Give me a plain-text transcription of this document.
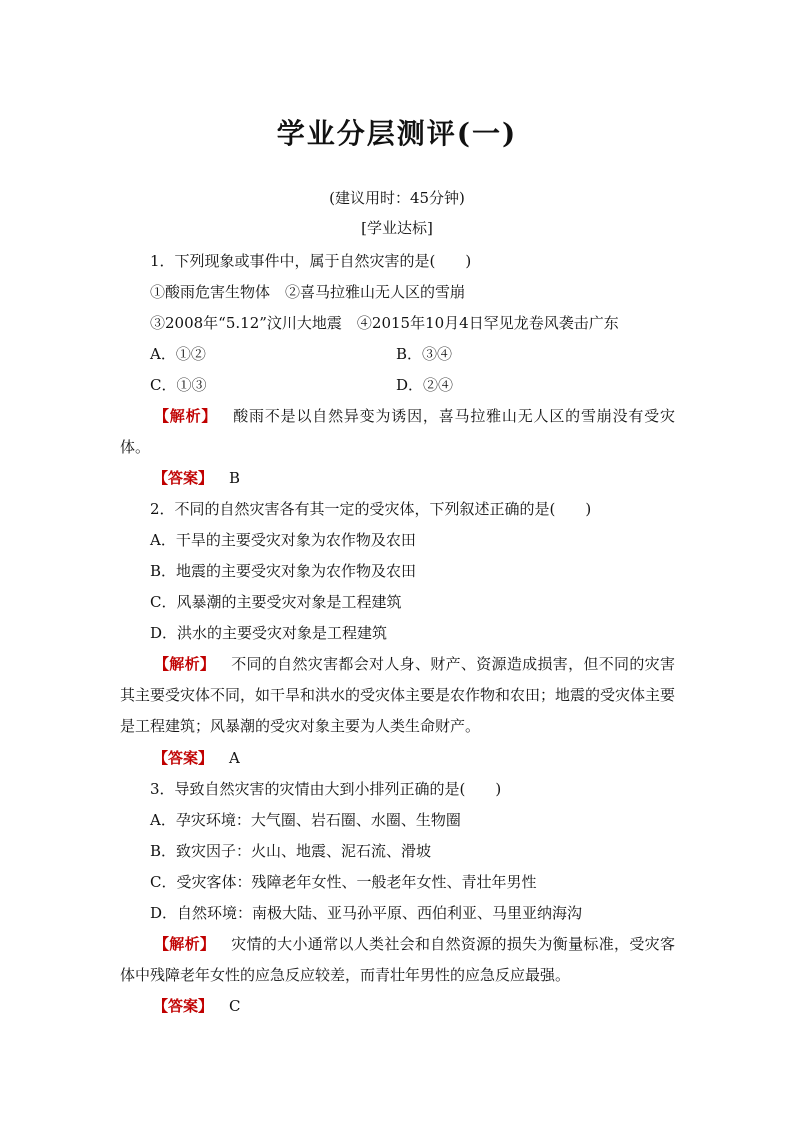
学业分层测评(一)
(建议用时：45分钟)
[学业达标]
1．下列现象或事件中，属于自然灾害的是(　　)
①酸雨危害生物体　②喜马拉雅山无人区的雪崩
③2008年“5.12”汶川大地震　④2015年10月4日罕见龙卷风袭击广东
A．①②	B．③④
C．①③	D．②④
【解析】 酸雨不是以自然异变为诱因，喜马拉雅山无人区的雪崩没有受灾体。
【答案】 B
2．不同的自然灾害各有其一定的受灾体，下列叙述正确的是(　　)
A．干旱的主要受灾对象为农作物及农田
B．地震的主要受灾对象为农作物及农田
C．风暴潮的主要受灾对象是工程建筑
D．洪水的主要受灾对象是工程建筑
【解析】 不同的自然灾害都会对人身、财产、资源造成损害，但不同的灾害其主要受灾体不同，如干旱和洪水的受灾体主要是农作物和农田；地震的受灾体主要是工程建筑；风暴潮的受灾对象主要为人类生命财产。
【答案】 A
3．导致自然灾害的灾情由大到小排列正确的是(　　)
A．孕灾环境：大气圈、岩石圈、水圈、生物圈
B．致灾因子：火山、地震、泥石流、滑坡
C．受灾客体：残障老年女性、一般老年女性、青壮年男性
D．自然环境：南极大陆、亚马孙平原、西伯利亚、马里亚纳海沟
【解析】 灾情的大小通常以人类社会和自然资源的损失为衡量标准，受灾客体中残障老年女性的应急反应较差，而青壮年男性的应急反应最强。
【答案】 C
